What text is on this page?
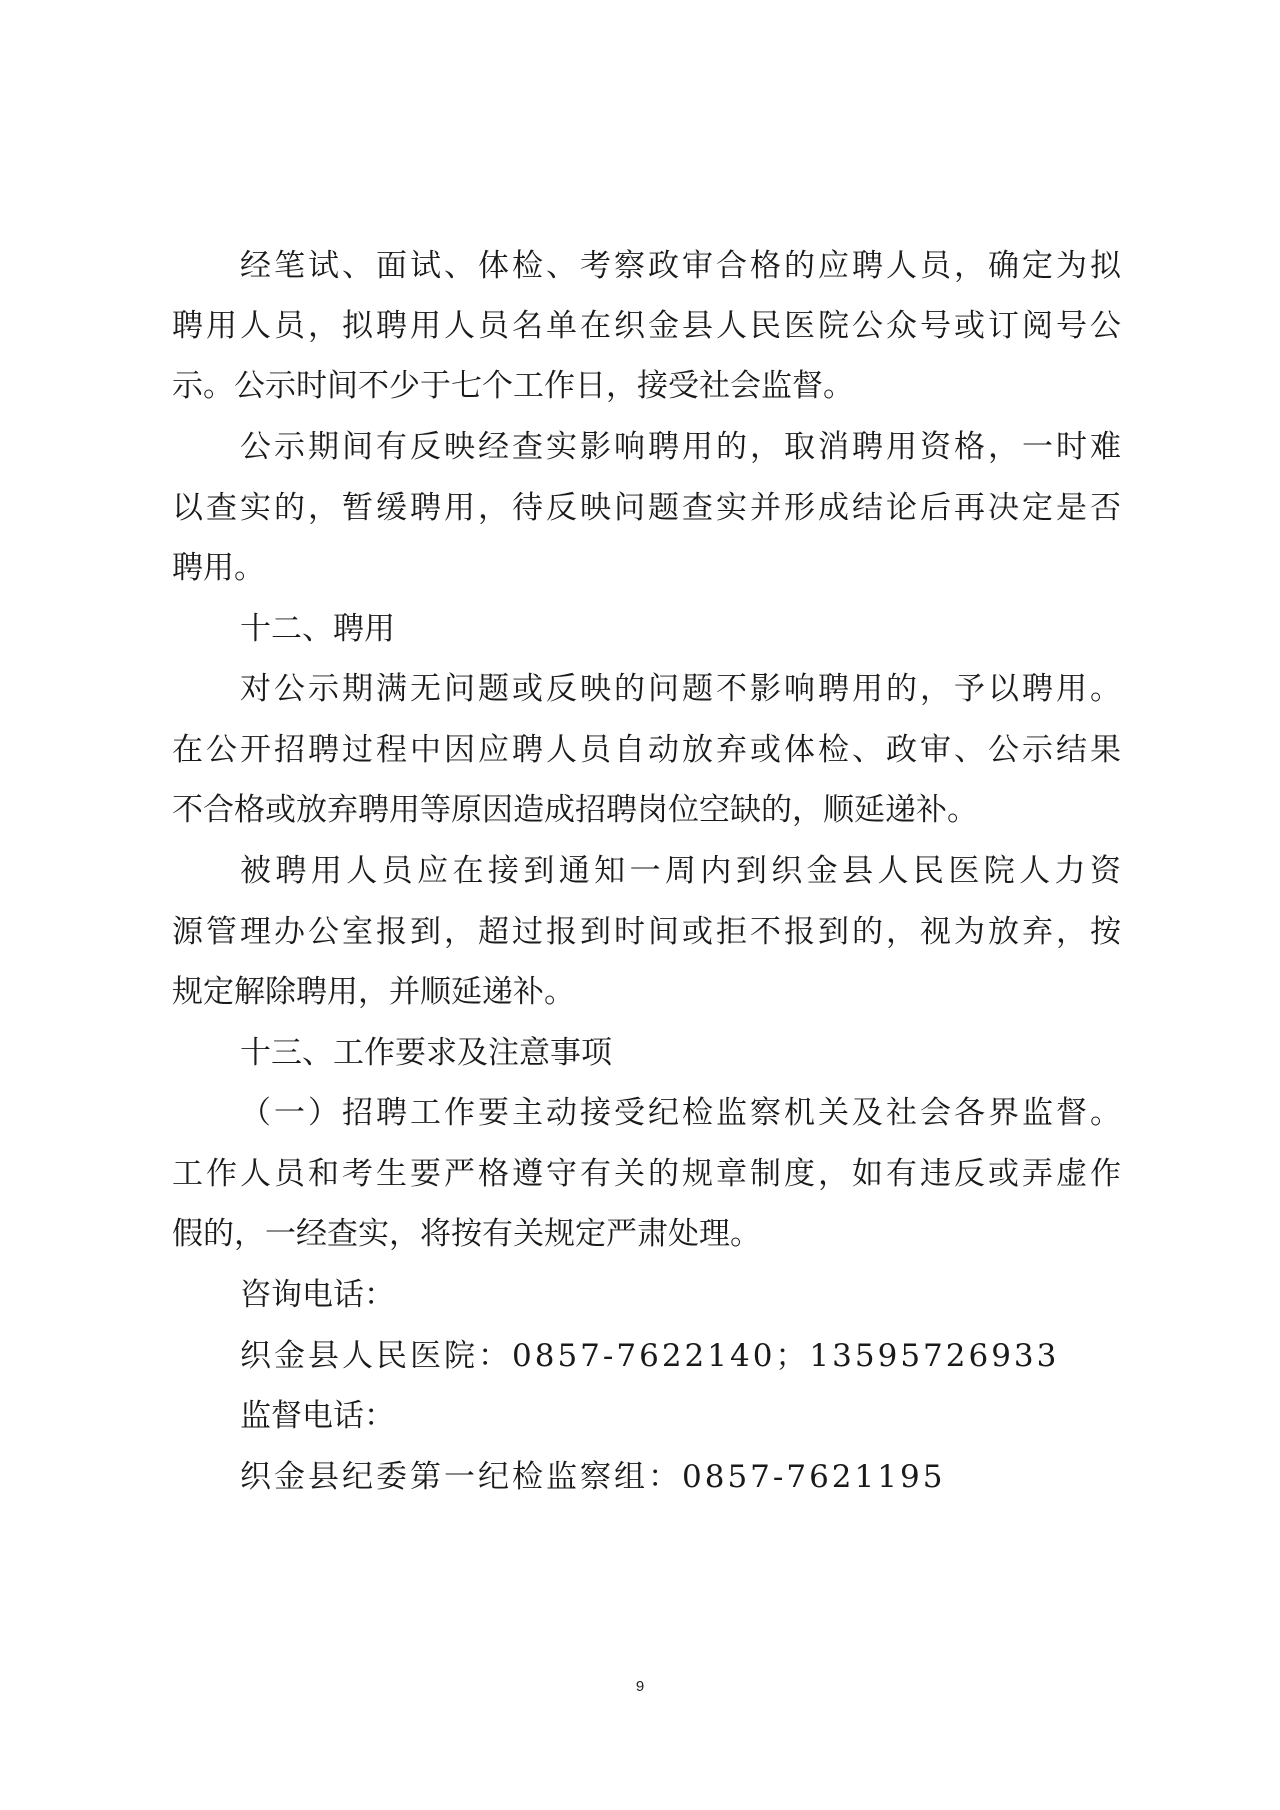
经笔试、面试、体检、考察政审合格的应聘人员，确定为拟
聘用人员，拟聘用人员名单在织金县人民医院公众号或订阅号公
示。公示时间不少于七个工作日，接受社会监督。
公示期间有反映经查实影响聘用的，取消聘用资格，一时难
以查实的，暂缓聘用，待反映问题查实并形成结论后再决定是否
聘用。
十二、聘用
对公示期满无问题或反映的问题不影响聘用的，予以聘用。
在公开招聘过程中因应聘人员自动放弃或体检、政审、公示结果
不合格或放弃聘用等原因造成招聘岗位空缺的，顺延递补。
被聘用人员应在接到通知一周内到织金县人民医院人力资
源管理办公室报到，超过报到时间或拒不报到的，视为放弃，按
规定解除聘用，并顺延递补。
十三、工作要求及注意事项
（一）招聘工作要主动接受纪检监察机关及社会各界监督。
工作人员和考生要严格遵守有关的规章制度，如有违反或弄虚作
假的，一经查实，将按有关规定严肃处理。
咨询电话：
织金县人民医院：0857-7622140；13595726933
监督电话：
织金县纪委第一纪检监察组：0857-7621195
9
